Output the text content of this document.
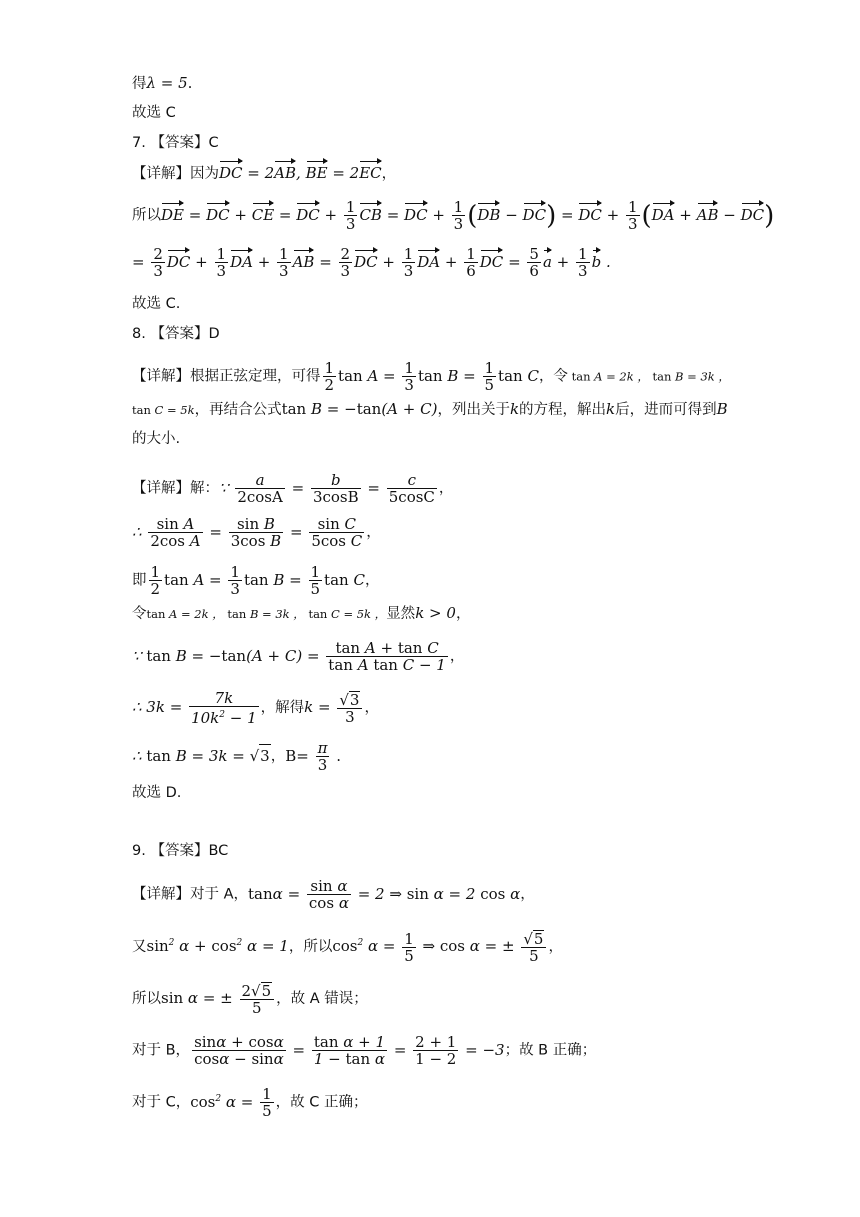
得λ = 5.
故选 C
7. 【答案】C
【详解】因为DC = 2AB, BE = 2EC，
所以DE = DC + CE = DC + $\frac{1}{3}$ CB = DC + $\frac{1}{3} (DB - DC)$ = DC + $\frac{1}{3} (DA$ + AB − DC)
= $\frac{2}{3}$ DC + $\frac{1}{3}$ DA + $\frac{1}{3}$ AB = $\frac{2}{3}$ DC + $\frac{1}{3}$ DA + $\frac{1}{6}$ DC = $\frac{5}{6}$ $a + \frac{1}{3}$ b .
故选 C.
8. 【答案】D
【详解】根据正弦定理，可得 $\frac{1}{2}$ $\tan A = \frac{1}{3}$ $\tan B = \frac{1}{5}$ tan C，令 tan A = 2k ， tan B = 3k ，
tan C = 5k，再结合公式tan B = −tan(A + C)，列出关于k的方程，解出k后，进而可得到B
的大小.
【详解】解：∵ $\frac{a}{2\cos A} = \frac{b}{3\cos B} = \frac{c}{5\cos C}$ ，
∴ $\frac{\text{sin A}}{\text{2cos A}} = \frac{\text{sin B}}{\text{3cos B}} = \frac{\text{sin C}}{\text{5cos C}}$ ，
即 $\frac{1}{2}$ $\tan A = \frac{1}{3}$ $\tan B = \frac{1}{5}$ tan C，
令tan A = 2k ， tan B = 3k ， tan C = 5k ，显然k > 0，
∵ $\tan B = -\tan(A + C) = \frac{\text{tan A + tan C}}{\text{tan A tan C − 1}}$ ，
∴ $3k = \frac{7k}{10k^2 - 1}$ ，解得$k = \frac{√3}{3}$ ，
∴ tan B = 3k = √3，$B= \frac{\pi}{3}$ .
故选 D.
9. 【答案】BC
【详解】对于 A，$\tan\alpha = \frac{\text{sin α}}{\text{cos α}} = 2$ ⇒ sin α = 2 cos α，
又$\sin^2 \alpha + \cos^2 \alpha = 1$，所以$\cos^2 \alpha = \frac{1}{5}$ ⇒ cos α = ± $\frac{√5}{5}$ ，
所以sin α = ± $\frac{2√5}{5}$ ，故 A 错误；
对于 B， $\frac{\sin\alpha + \cos\alpha}{\cos\alpha - \sin\alpha} = \frac{\text{tan α + 1}}{\text{1 − tan α}} = \frac{2 + 1}{1 - 2} = -3$；故 B 正确；
对于 C，$\cos^2 \alpha = \frac{1}{5}$ ，故 C 正确；
